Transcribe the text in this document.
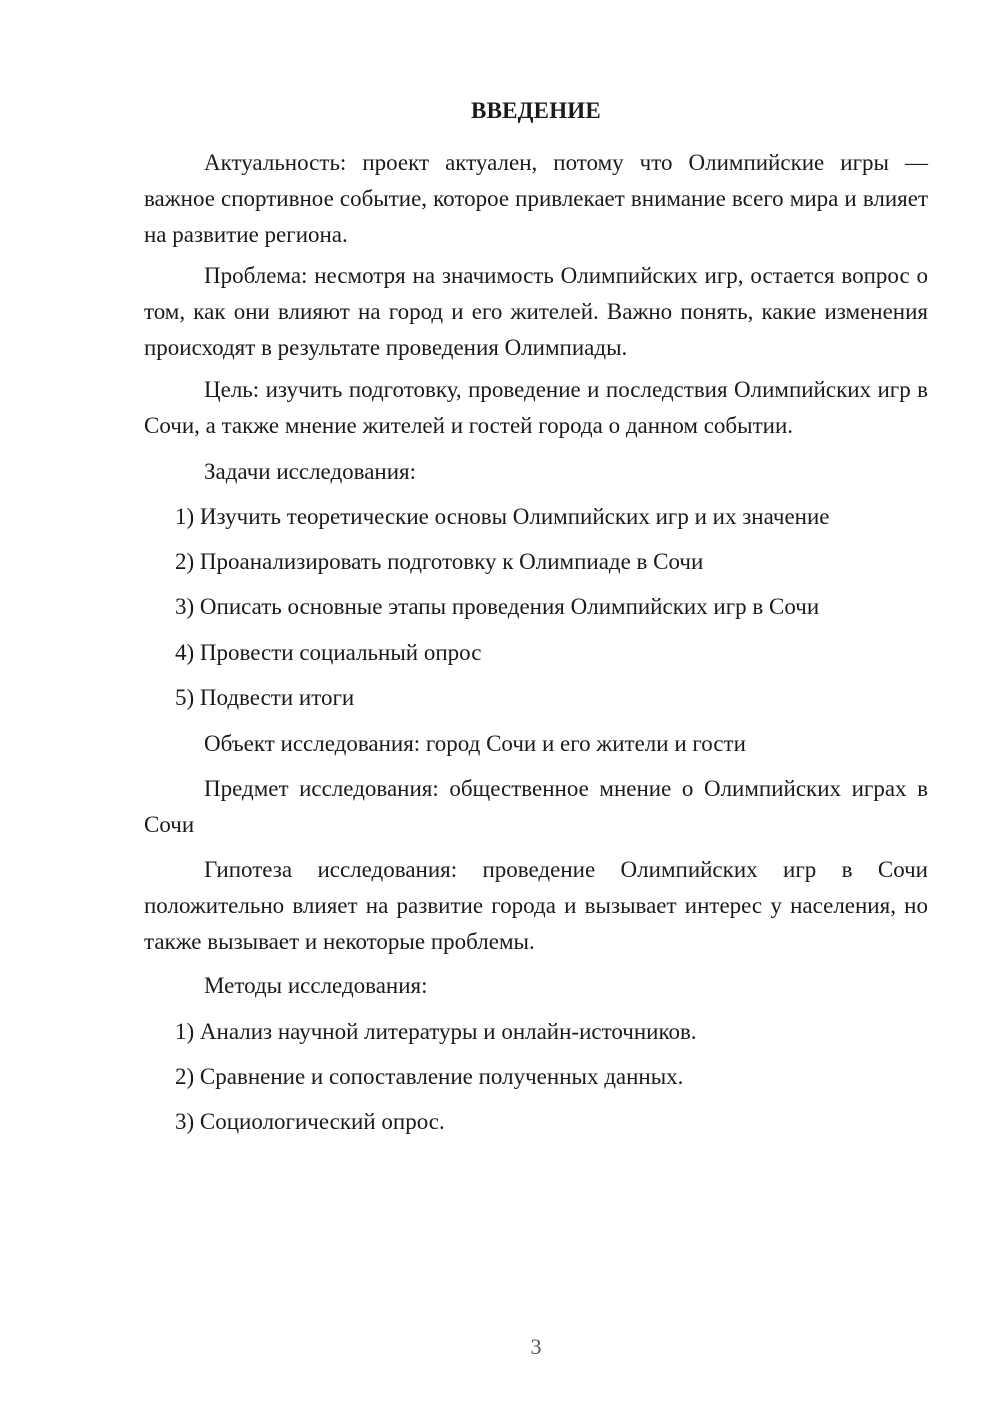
ВВЕДЕНИЕ

Актуальность: проект актуален, потому что Олимпийские игры — важное спортивное событие, которое привлекает внимание всего мира и влияет на развитие региона.

Проблема: несмотря на значимость Олимпийских игр, остается вопрос о том, как они влияют на город и его жителей. Важно понять, какие изменения происходят в результате проведения Олимпиады.

Цель: изучить подготовку, проведение и последствия Олимпийских игр в Сочи, а также мнение жителей и гостей города о данном событии.

Задачи исследования:

1) Изучить теоретические основы Олимпийских игр и их значение

2) Проанализировать подготовку к Олимпиаде в Сочи

3) Описать основные этапы проведения Олимпийских игр в Сочи

4) Провести социальный опрос

5) Подвести итоги

Объект исследования: город Сочи и его жители и гости

Предмет исследования: общественное мнение о Олимпийских играх в Сочи

Гипотеза исследования: проведение Олимпийских игр в Сочи положительно влияет на развитие города и вызывает интерес у населения, но также вызывает и некоторые проблемы.

Методы исследования:

1) Анализ научной литературы и онлайн-источников.

2) Сравнение и сопоставление полученных данных.

3) Социологический опрос.

3
